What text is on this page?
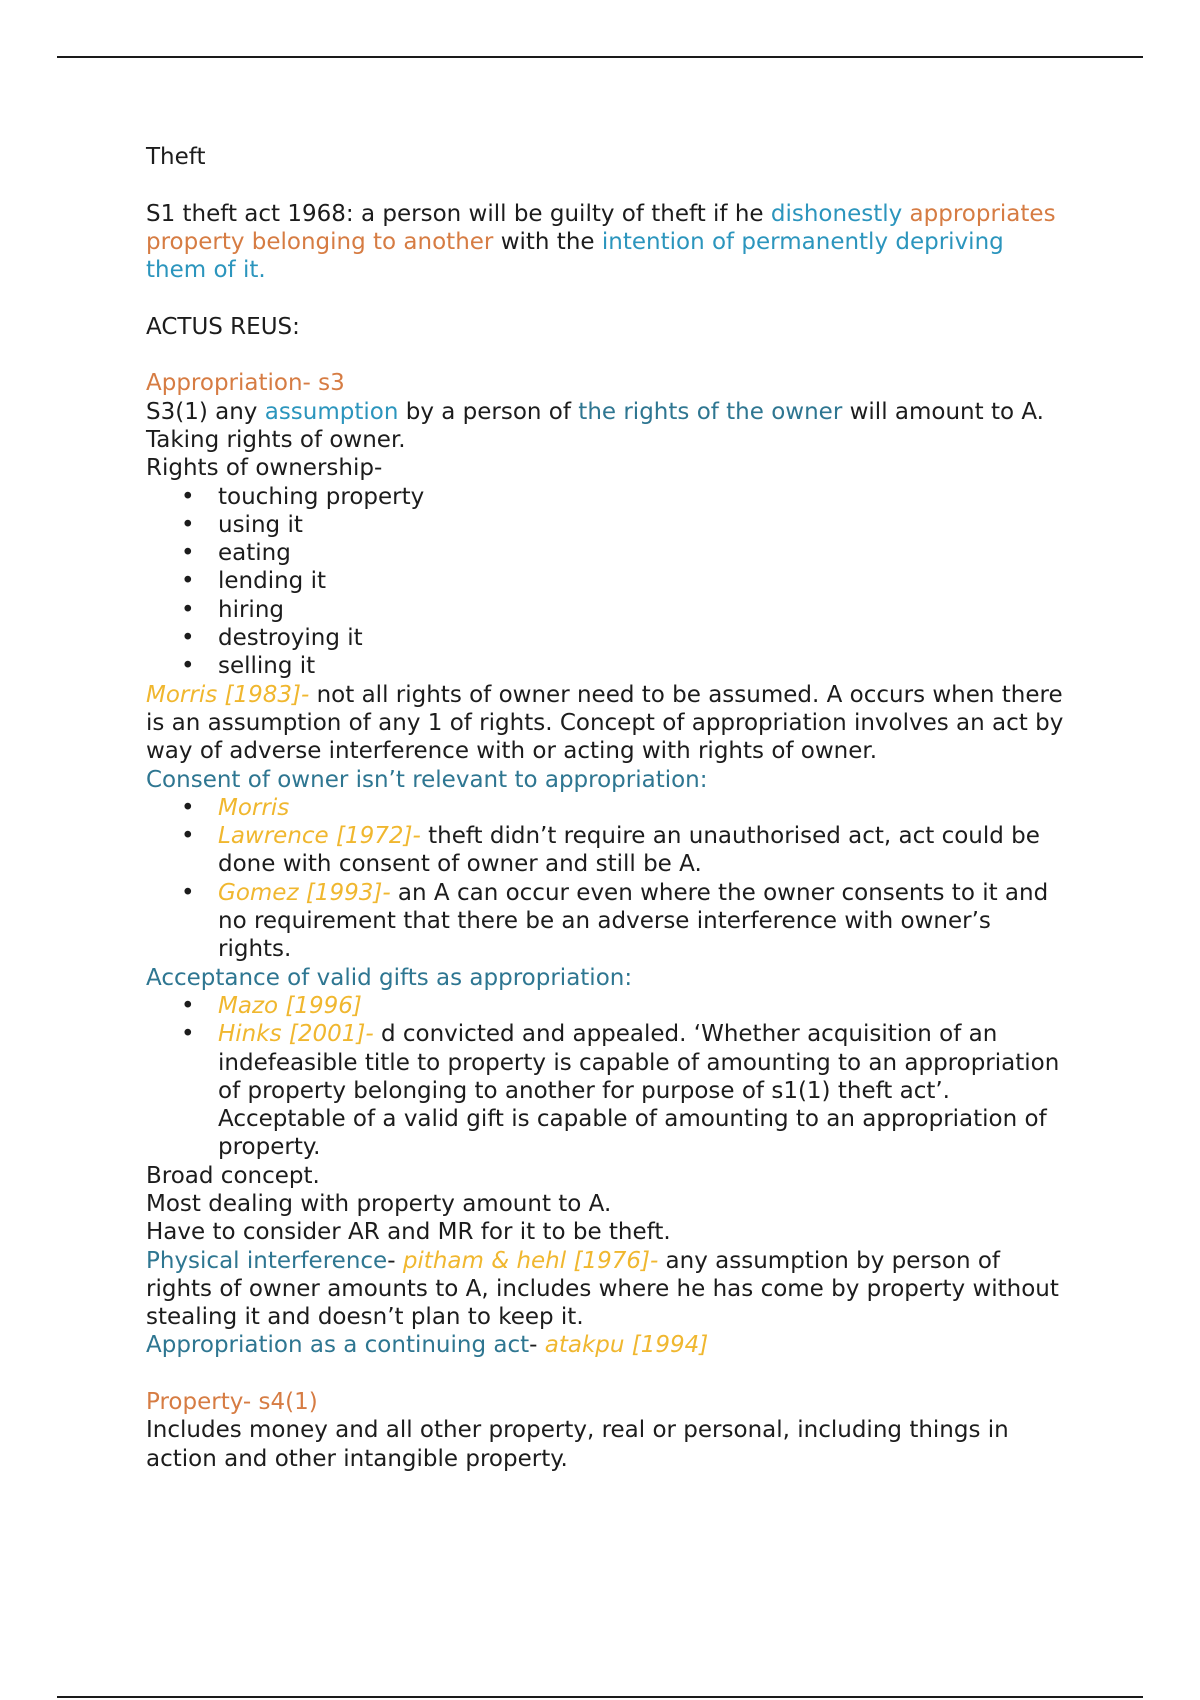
Theft

S1 theft act 1968: a person will be guilty of theft if he dishonestly appropriates property belonging to another with the intention of permanently depriving them of it.

ACTUS REUS:

Appropriation- s3

S3(1) any assumption by a person of the rights of the owner will amount to A.

Taking rights of owner.

Rights of ownership-

• touching property
• using it
• eating
• lending it
• hiring
• destroying it
• selling it

Morris [1983]- not all rights of owner need to be assumed. A occurs when there is an assumption of any 1 of rights. Concept of appropriation involves an act by way of adverse interference with or acting with rights of owner.

Consent of owner isn’t relevant to appropriation:

• Morris
• Lawrence [1972]- theft didn’t require an unauthorised act, act could be done with consent of owner and still be A.
• Gomez [1993]- an A can occur even where the owner consents to it and no requirement that there be an adverse interference with owner’s rights.

Acceptance of valid gifts as appropriation:

• Mazo [1996]
• Hinks [2001]- d convicted and appealed. ‘Whether acquisition of an indefeasible title to property is capable of amounting to an appropriation of property belonging to another for purpose of s1(1) theft act’. Acceptable of a valid gift is capable of amounting to an appropriation of property.

Broad concept.

Most dealing with property amount to A.

Have to consider AR and MR for it to be theft.

Physical interference- pitham & hehl [1976]- any assumption by person of rights of owner amounts to A, includes where he has come by property without stealing it and doesn’t plan to keep it.

Appropriation as a continuing act- atakpu [1994]

Property- s4(1)

Includes money and all other property, real or personal, including things in action and other intangible property.
